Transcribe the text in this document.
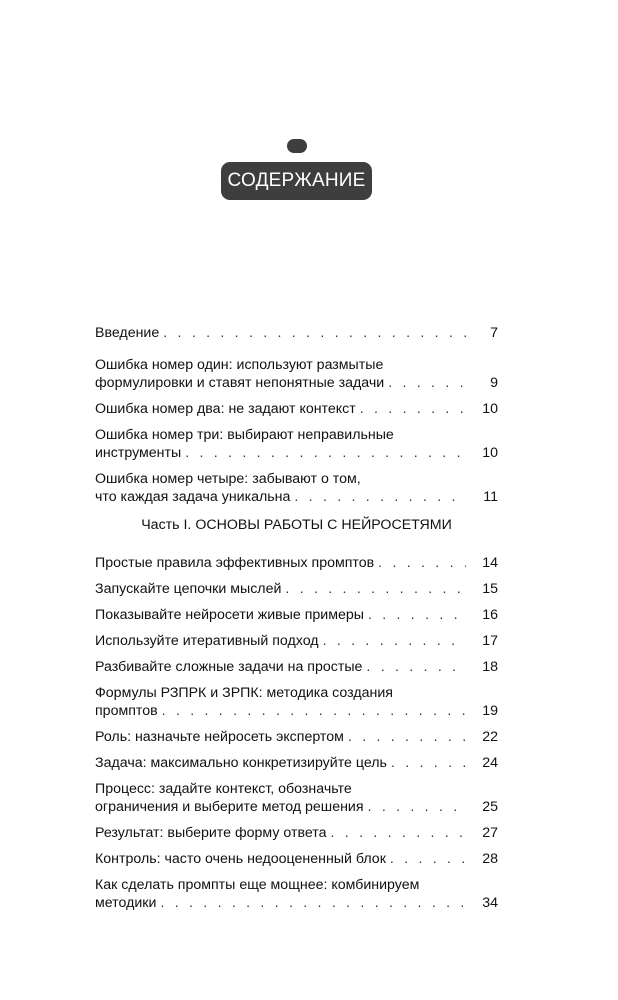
СОДЕРЖАНИЕ
Введение . . .	7
Ошибка номер один: используют размытые
формулировки и ставят непонятные задачи . . .	9
Ошибка номер два: не задают контекст . . .	10
Ошибка номер три: выбирают неправильные
инструменты . . .	10
Ошибка номер четыре: забывают о том,
что каждая задача уникальна . . .	11
Часть I. ОСНОВЫ РАБОТЫ С НЕЙРОСЕТЯМИ
Простые правила эффективных промптов . . .	14
Запускайте цепочки мыслей . . .	15
Показывайте нейросети живые примеры . . .	16
Используйте итеративный подход . . .	17
Разбивайте сложные задачи на простые . . .	18
Формулы РЗПРК и ЗРПК: методика создания
промптов . . .	19
Роль: назначьте нейросеть экспертом . . .	22
Задача: максимально конкретизируйте цель . . .	24
Процесс: задайте контекст, обозначьте
ограничения и выберите метод решения . . .	25
Результат: выберите форму ответа . . .	27
Контроль: часто очень недооцененный блок . . .	28
Как сделать промпты еще мощнее: комбинируем
методики . . .	34
